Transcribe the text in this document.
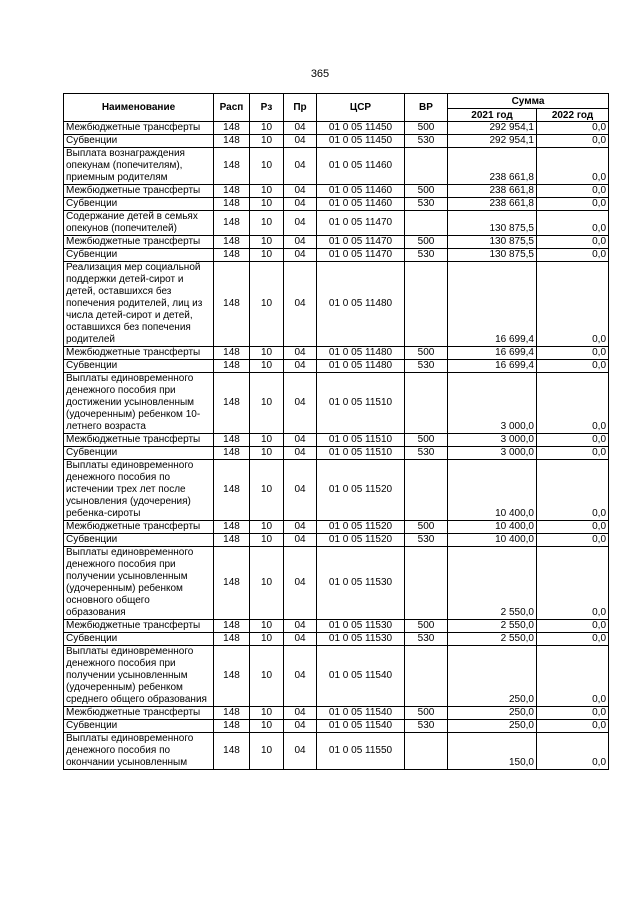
365
Наименование	Расп	Рз	Пр	ЦСР	ВР	Сумма	
						2021 год	2022 год
Межбюджетные трансферты	148	10	04	01 0 05 11450	500	292 954,1	0,0
Субвенции	148	10	04	01 0 05 11450	530	292 954,1	0,0
Выплата вознаграждения опекунам (попечителям), приемным родителям	148	10	04	01 0 05 11460		238 661,8	0,0
Межбюджетные трансферты	148	10	04	01 0 05 11460	500	238 661,8	0,0
Субвенции	148	10	04	01 0 05 11460	530	238 661,8	0,0
Содержание детей в семьях опекунов (попечителей)	148	10	04	01 0 05 11470		130 875,5	0,0
Межбюджетные трансферты	148	10	04	01 0 05 11470	500	130 875,5	0,0
Субвенции	148	10	04	01 0 05 11470	530	130 875,5	0,0
Реализация мер социальной поддержки детей-сирот и детей, оставшихся без попечения родителей, лиц из числа детей-сирот и детей, оставшихся без попечения родителей	148	10	04	01 0 05 11480		16 699,4	0,0
Межбюджетные трансферты	148	10	04	01 0 05 11480	500	16 699,4	0,0
Субвенции	148	10	04	01 0 05 11480	530	16 699,4	0,0
Выплаты единовременного денежного пособия при достижении усыновленным (удочеренным) ребенком 10-летнего возраста	148	10	04	01 0 05 11510		3 000,0	0,0
Межбюджетные трансферты	148	10	04	01 0 05 11510	500	3 000,0	0,0
Субвенции	148	10	04	01 0 05 11510	530	3 000,0	0,0
Выплаты единовременного денежного пособия по истечении трех лет после усыновления (удочерения) ребенка-сироты	148	10	04	01 0 05 11520		10 400,0	0,0
Межбюджетные трансферты	148	10	04	01 0 05 11520	500	10 400,0	0,0
Субвенции	148	10	04	01 0 05 11520	530	10 400,0	0,0
Выплаты единовременного денежного пособия при получении усыновленным (удочеренным) ребенком основного общего образования	148	10	04	01 0 05 11530		2 550,0	0,0
Межбюджетные трансферты	148	10	04	01 0 05 11530	500	2 550,0	0,0
Субвенции	148	10	04	01 0 05 11530	530	2 550,0	0,0
Выплаты единовременного денежного пособия при получении усыновленным (удочеренным) ребенком среднего общего образования	148	10	04	01 0 05 11540		250,0	0,0
Межбюджетные трансферты	148	10	04	01 0 05 11540	500	250,0	0,0
Субвенции	148	10	04	01 0 05 11540	530	250,0	0,0
Выплаты единовременного денежного пособия по окончании усыновленным	148	10	04	01 0 05 11550		150,0	0,0
